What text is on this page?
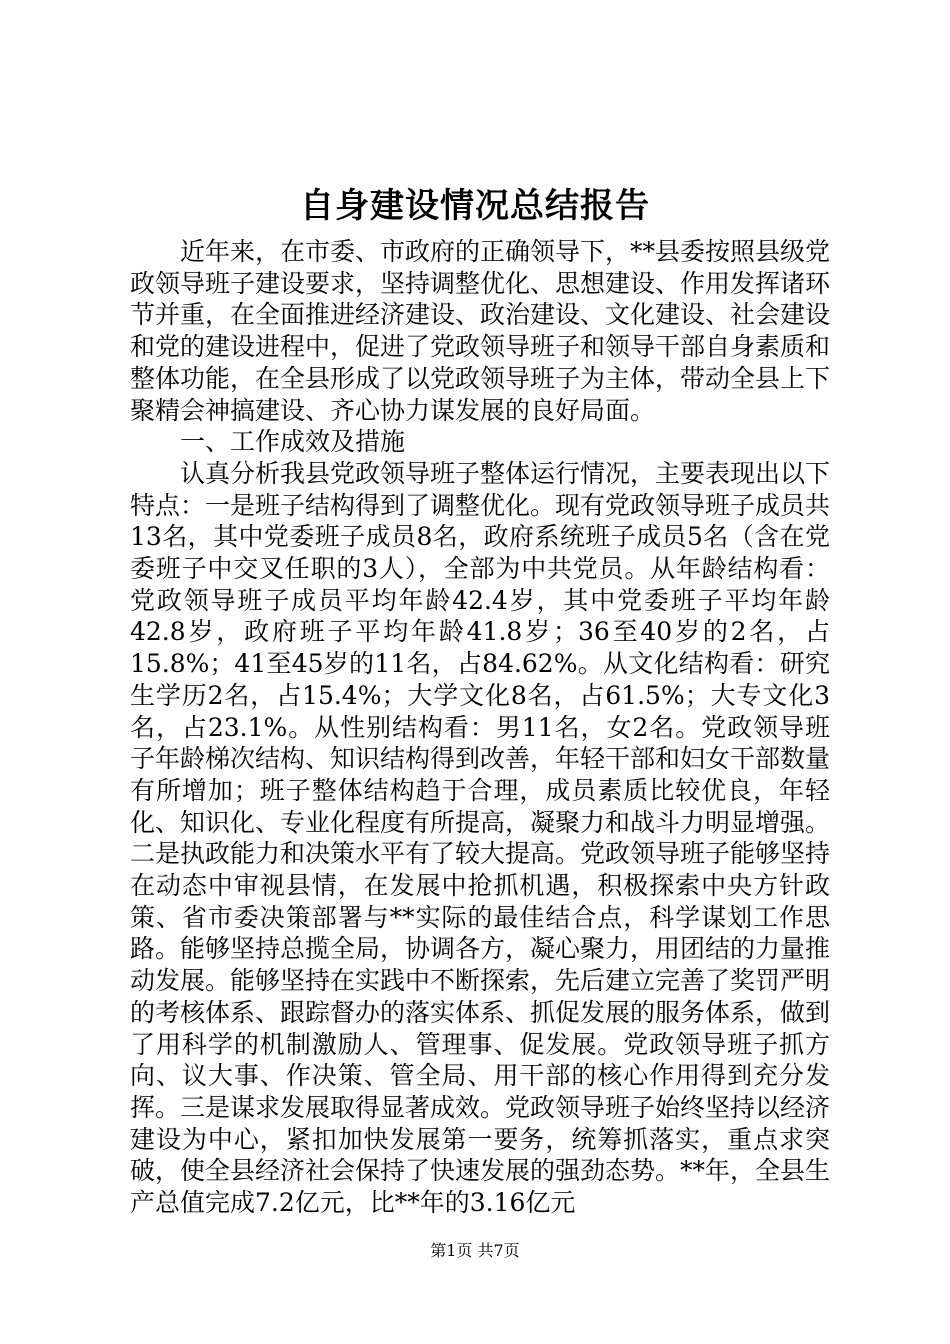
自身建设情况总结报告

近年来，在市委、市政府的正确领导下，**县委按照县级党政领导班子建设要求，坚持调整优化、思想建设、作用发挥诸环节并重，在全面推进经济建设、政治建设、文化建设、社会建设和党的建设进程中，促进了党政领导班子和领导干部自身素质和整体功能，在全县形成了以党政领导班子为主体，带动全县上下聚精会神搞建设、齐心协力谋发展的良好局面。

一、工作成效及措施

认真分析我县党政领导班子整体运行情况，主要表现出以下特点：一是班子结构得到了调整优化。现有党政领导班子成员共13名，其中党委班子成员8名，政府系统班子成员5名（含在党委班子中交叉任职的3人），全部为中共党员。从年龄结构看：党政领导班子成员平均年龄42.4岁，其中党委班子平均年龄42.8岁，政府班子平均年龄41.8岁；36至40岁的2名，占15.8%；41至45岁的11名，占84.62%。从文化结构看：研究生学历2名，占15.4%；大学文化8名，占61.5%；大专文化3名，占23.1%。从性别结构看：男11名，女2名。党政领导班子年龄梯次结构、知识结构得到改善，年轻干部和妇女干部数量有所增加；班子整体结构趋于合理，成员素质比较优良，年轻化、知识化、专业化程度有所提高，凝聚力和战斗力明显增强。二是执政能力和决策水平有了较大提高。党政领导班子能够坚持在动态中审视县情，在发展中抢抓机遇，积极探索中央方针政策、省市委决策部署与**实际的最佳结合点，科学谋划工作思路。能够坚持总揽全局，协调各方，凝心聚力，用团结的力量推动发展。能够坚持在实践中不断探索，先后建立完善了奖罚严明的考核体系、跟踪督办的落实体系、抓促发展的服务体系，做到了用科学的机制激励人、管理事、促发展。党政领导班子抓方向、议大事、作决策、管全局、用干部的核心作用得到充分发挥。三是谋求发展取得显著成效。党政领导班子始终坚持以经济建设为中心，紧扣加快发展第一要务，统筹抓落实，重点求突破，使全县经济社会保持了快速发展的强劲态势。**年，全县生产总值完成7.2亿元，比**年的3.16亿元

第1页 共7页
